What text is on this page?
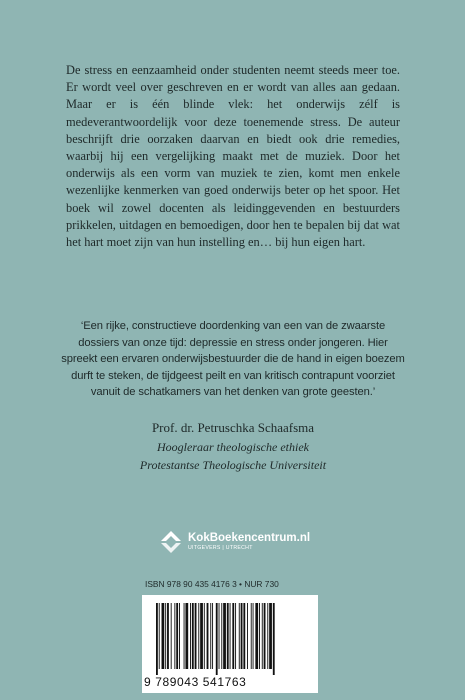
De stress en eenzaamheid onder studenten neemt steeds meer toe. Er wordt veel over geschreven en er wordt van alles aan gedaan. Maar er is één blinde vlek: het onderwijs zélf is medeverantwoordelijk voor deze toenemende stress. De auteur beschrijft drie oorzaken daarvan en biedt ook drie remedies, waarbij hij een vergelijking maakt met de muziek. Door het onderwijs als een vorm van muziek te zien, komt men enkele wezenlijke kenmerken van goed onderwijs beter op het spoor. Het boek wil zowel docenten als leidinggevenden en bestuurders prikkelen, uitdagen en bemoedigen, door hen te bepalen bij dat wat het hart moet zijn van hun instelling en… bij hun eigen hart.

‘Een rijke, constructieve doordenking van een van de zwaarste dossiers van onze tijd: depressie en stress onder jongeren. Hier spreekt een ervaren onderwijsbestuurder die de hand in eigen boezem durft te steken, de tijdgeest peilt en van kritisch contrapunt voorziet vanuit de schatkamers van het denken van grote geesten.’

Prof. dr. Petruschka Schaafsma
Hoogleraar theologische ethiek
Protestantse Theologische Universiteit
KokBoekencentrum.nl
UITGEVERS | UTRECHT
ISBN 978 90 435 4176 3 • NUR 730
9 789043 541763
